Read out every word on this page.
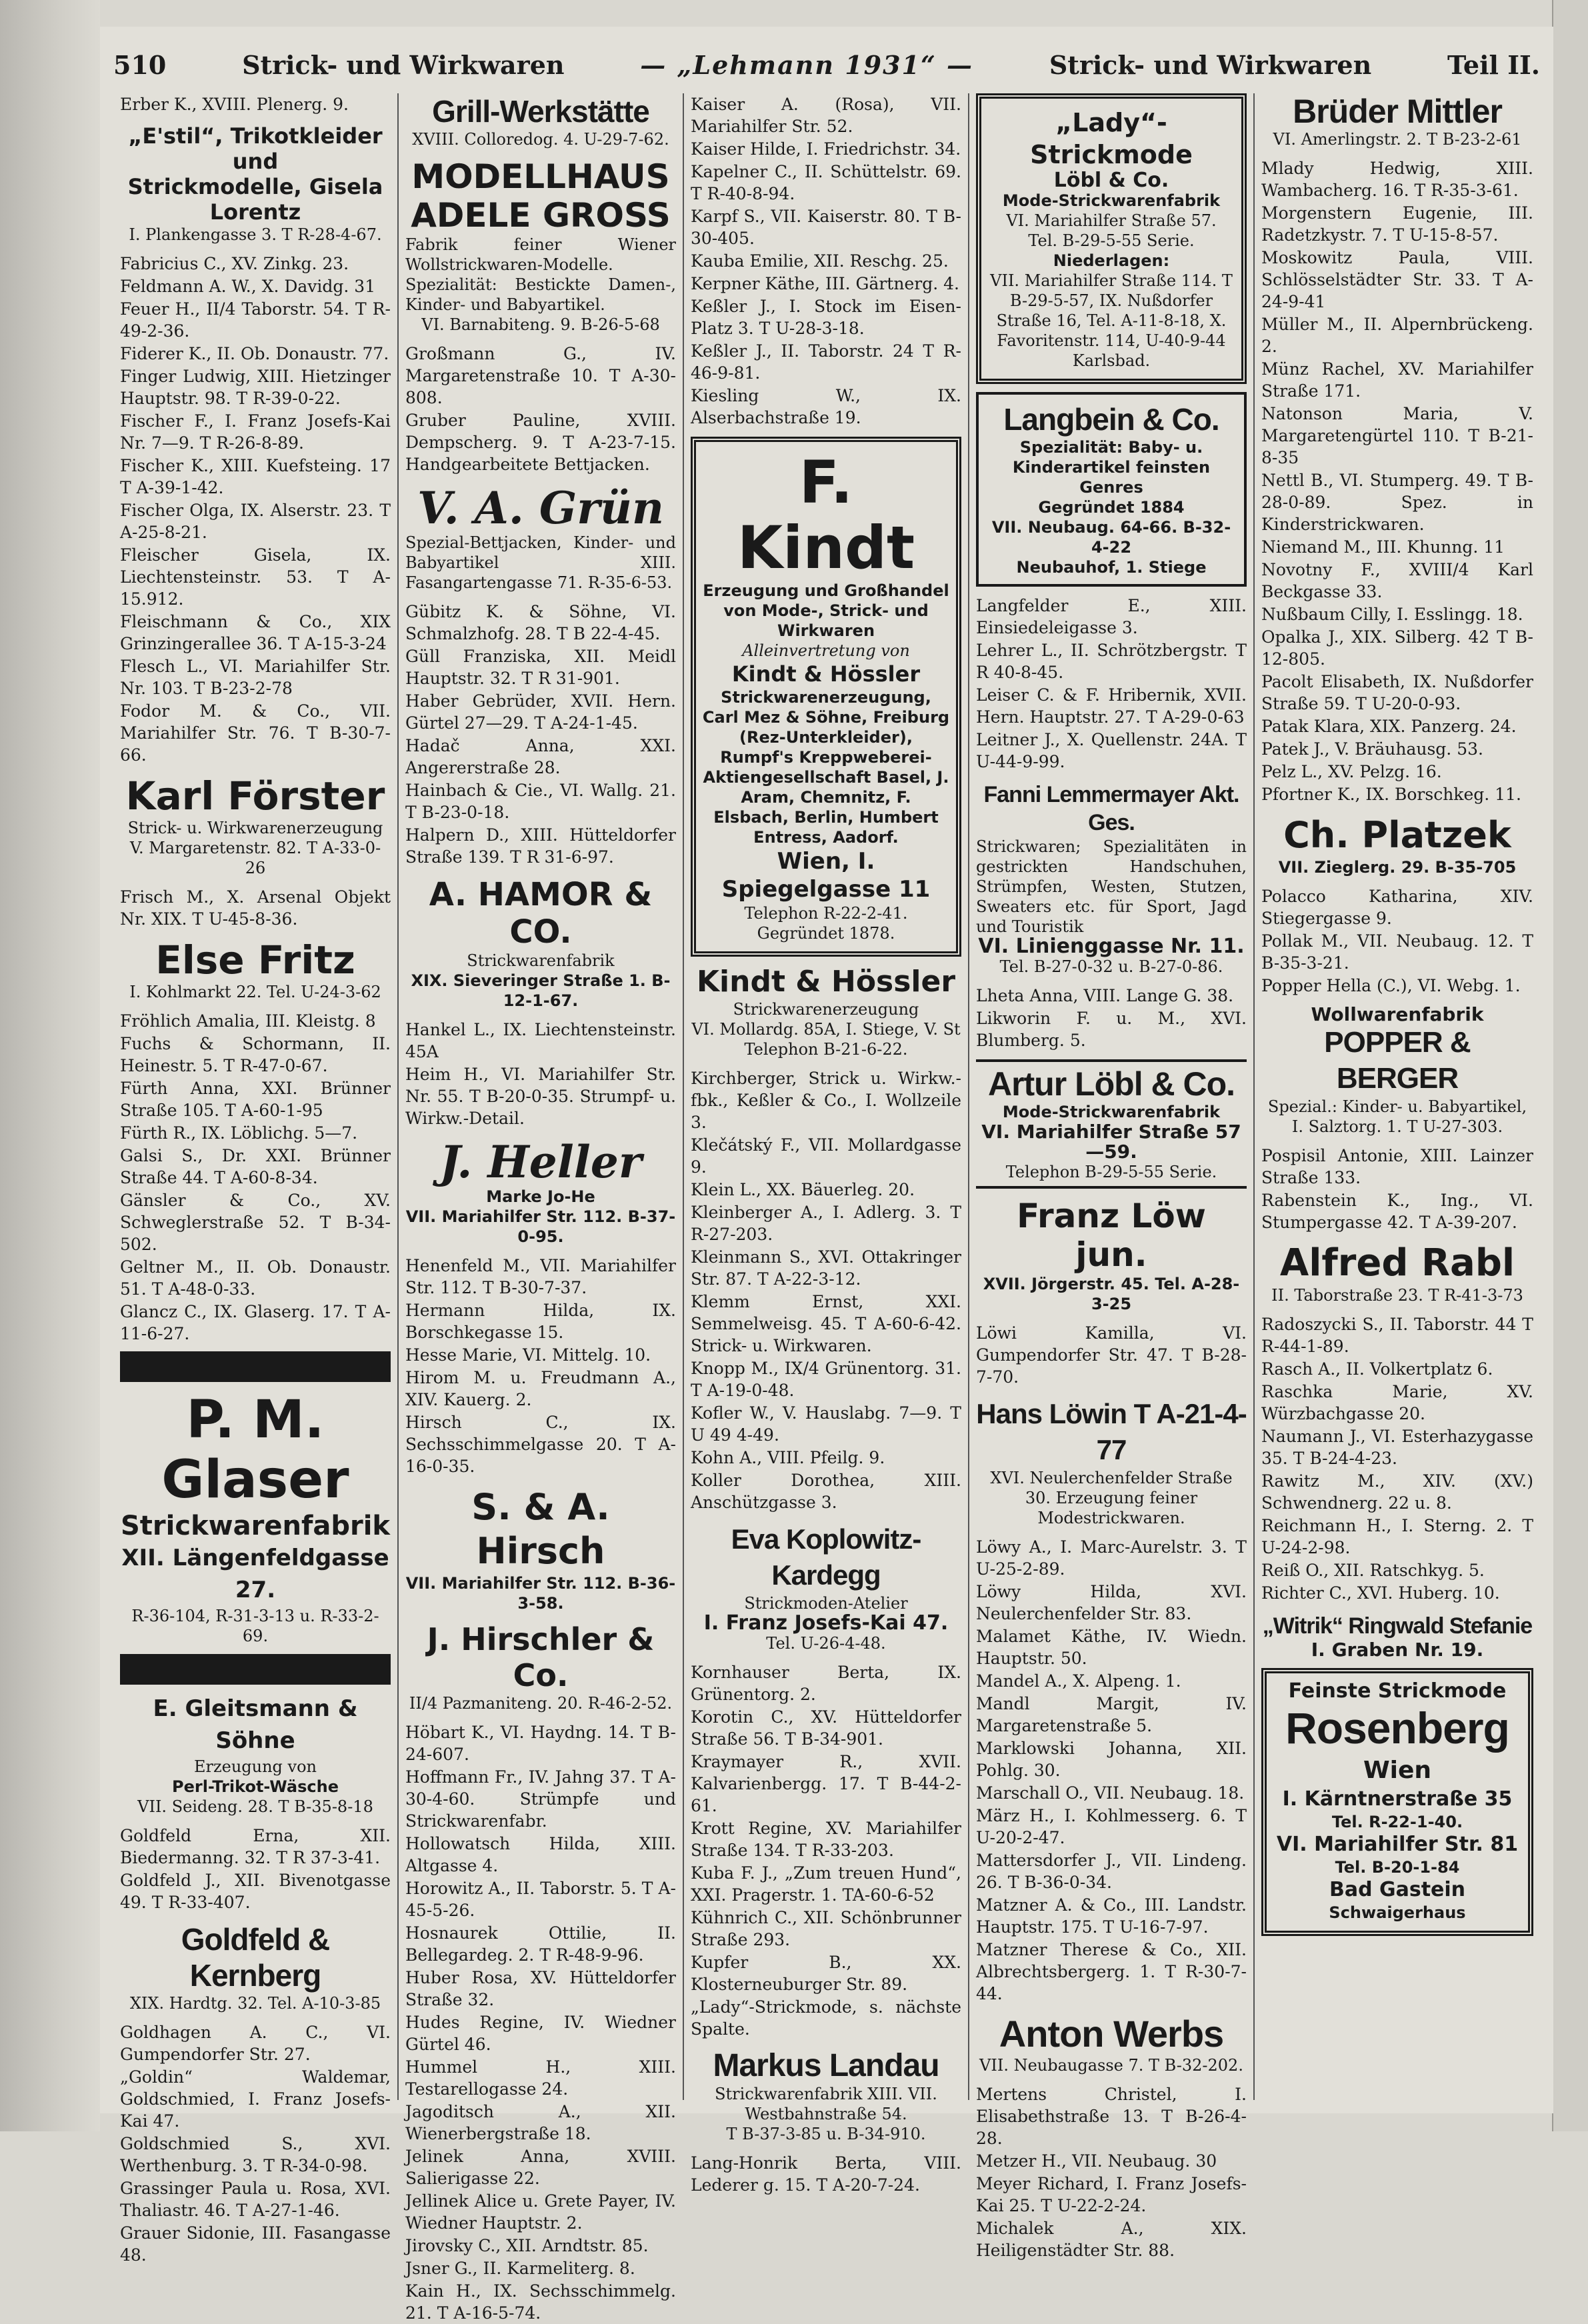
510	Strick- und Wirkwaren	— „Lehmann 1931“ —	Strick- und Wirkwaren	Teil II.
Erber K., XVIII. Plenerg. 9.
„E'stil“, Trikotkleider und
Strickmodelle, Gisela Lorentz
I. Plankengasse 3. T R-28-4-67.
Fabricius C., XV. Zinkg. 23.
Feldmann A. W., X. Davidg. 31
Feuer H., II/4 Taborstr. 54. T R-49-2-36.
Fiderer K., II. Ob. Donaustr. 77.
Finger Ludwig, XIII. Hietzinger Hauptstr. 98. T R-39-0-22.
Fischer F., I. Franz Josefs-Kai Nr. 7—9. T R-26-8-89.
Fischer K., XIII. Kuefsteing. 17 T A-39-1-42.
Fischer Olga, IX. Alserstr. 23. T A-25-8-21.
Fleischer Gisela, IX. Liechtensteinstr. 53. T A-15.912.
Fleischmann & Co., XIX Grinzingerallee 36. T A-15-3-24
Flesch L., VI. Mariahilfer Str. Nr. 103. T B-23-2-78
Fodor M. & Co., VII. Mariahilfer Str. 76. T B-30-7-66.
Karl Förster
Strick- u. Wirkwarenerzeugung
V. Margaretenstr. 82. T A-33-0-26
Frisch M., X. Arsenal Objekt Nr. XIX. T U-45-8-36.
Else Fritz
I. Kohlmarkt 22. Tel. U-24-3-62
Fröhlich Amalia, III. Kleistg. 8
Fuchs & Schormann, II. Heinestr. 5. T R-47-0-67.
Fürth Anna, XXI. Brünner Straße 105. T A-60-1-95
Fürth R., IX. Löblichg. 5—7.
Galsi S., Dr. XXI. Brünner Straße 44. T A-60-8-34.
Gänsler & Co., XV. Schweglerstraße 52. T B-34-502.
Geltner M., II. Ob. Donaustr. 51. T A-48-0-33.
Glancz C., IX. Glaserg. 17. T A-11-6-27.
P. M. Glaser
Strickwarenfabrik
XII. Längenfeldgasse 27.
R-36-104, R-31-3-13 u. R-33-2-69.
E. Gleitsmann & Söhne
Erzeugung von
Perl-Trikot-Wäsche
VII. Seideng. 28. T B-35-8-18
Goldfeld Erna, XII. Biedermanng. 32. T R 37-3-41.
Goldfeld J., XII. Bivenotgasse 49. T R-33-407.
Goldfeld & Kernberg
XIX. Hardtg. 32. Tel. A-10-3-85
Goldhagen A. C., VI. Gumpendorfer Str. 27.
„Goldin“ Waldemar, Goldschmied, I. Franz Josefs-Kai 47.
Goldschmied S., XVI. Werthenburg. 3. T R-34-0-98.
Grassinger Paula u. Rosa, XVI. Thaliastr. 46. T A-27-1-46.
Grauer Sidonie, III. Fasangasse 48.
Grill-Werkstätte
XVIII. Colloredog. 4. U-29-7-62.
MODELLHAUS
ADELE GROSS
Fabrik feiner Wiener Wollstrickwaren-Modelle. Spezialität: Bestickte Damen-, Kinder- und Babyartikel.
VI. Barnabiteng. 9. B-26-5-68
Großmann G., IV. Margaretenstraße 10. T A-30-808.
Gruber Pauline, XVIII. Dempscherg. 9. T A-23-7-15. Handgearbeitete Bettjacken.
V. A. Grün
Spezial-Bettjacken, Kinder- und Babyartikel XIII. Fasangartengasse 71. R-35-6-53.
Gübitz K. & Söhne, VI. Schmalzhofg. 28. T B 22-4-45.
Güll Franziska, XII. Meidl Hauptstr. 32. T R 31-901.
Haber Gebrüder, XVII. Hern. Gürtel 27—29. T A-24-1-45.
Hadač Anna, XXI. Angererstraße 28.
Hainbach & Cie., VI. Wallg. 21. T B-23-0-18.
Halpern D., XIII. Hütteldorfer Straße 139. T R 31-6-97.
A. HAMOR & CO.
Strickwarenfabrik
XIX. Sieveringer Straße 1. B-12-1-67.
Hankel L., IX. Liechtensteinstr. 45A
Heim H., VI. Mariahilfer Str. Nr. 55. T B-20-0-35. Strumpf- u. Wirkw.-Detail.
J. Heller
Marke Jo-He
VII. Mariahilfer Str. 112. B-37-0-95.
Henenfeld M., VII. Mariahilfer Str. 112. T B-30-7-37.
Hermann Hilda, IX. Borschkegasse 15.
Hesse Marie, VI. Mittelg. 10.
Hirom M. u. Freudmann A., XIV. Kauerg. 2.
Hirsch C., IX. Sechsschimmelgasse 20. T A-16-0-35.
S. & A. Hirsch
VII. Mariahilfer Str. 112. B-36-3-58.
J. Hirschler & Co.
II/4 Pazmaniteng. 20. R-46-2-52.
Höbart K., VI. Haydng. 14. T B-24-607.
Hoffmann Fr., IV. Jahng 37. T A-30-4-60. Strümpfe und Strickwarenfabr.
Hollowatsch Hilda, XIII. Altgasse 4.
Horowitz A., II. Taborstr. 5. T A-45-5-26.
Hosnaurek Ottilie, II. Bellegardeg. 2. T R-48-9-96.
Huber Rosa, XV. Hütteldorfer Straße 32.
Hudes Regine, IV. Wiedner Gürtel 46.
Hummel H., XIII. Testarellogasse 24.
Jagoditsch A., XII. Wienerbergstraße 18.
Jelinek Anna, XVIII. Salierigasse 22.
Jellinek Alice u. Grete Payer, IV. Wiedner Hauptstr. 2.
Jirovsky C., XII. Arndtstr. 85.
Jsner G., II. Karmeliterg. 8.
Kain H., IX. Sechsschimmelg. 21. T A-16-5-74.
Kaiser A. (Rosa), VII. Mariahilfer Str. 52.
Kaiser Hilde, I. Friedrichstr. 34.
Kapelner C., II. Schüttelstr. 69. T R-40-8-94.
Karpf S., VII. Kaiserstr. 80. T B-30-405.
Kauba Emilie, XII. Reschg. 25.
Kerpner Käthe, III. Gärtnerg. 4.
Keßler J., I. Stock im Eisen-Platz 3. T U-28-3-18.
Keßler J., II. Taborstr. 24 T R-46-9-81.
Kiesling W., IX. Alserbachstraße 19.
F. Kindt
Erzeugung und Großhandel von Mode-, Strick- und Wirkwaren
Alleinvertretung von
Kindt & Hössler
Strickwarenerzeugung, Carl Mez & Söhne, Freiburg (Rez-Unterkleider), Rumpf's Kreppweberei-Aktiengesellschaft Basel, J. Aram, Chemnitz, F. Elsbach, Berlin, Humbert Entress, Aadorf.
Wien, I. Spiegelgasse 11
Telephon R-22-2-41.
Gegründet 1878.
Kindt & Hössler
Strickwarenerzeugung
VI. Mollardg. 85A, I. Stiege, V. St
Telephon B-21-6-22.
Kirchberger, Strick u. Wirkw.-fbk., Keßler & Co., I. Wollzeile 3.
Klečátský F., VII. Mollardgasse 9.
Klein L., XX. Bäuerleg. 20.
Kleinberger A., I. Adlerg. 3. T R-27-203.
Kleinmann S., XVI. Ottakringer Str. 87. T A-22-3-12.
Klemm Ernst, XXI. Semmelweisg. 45. T A-60-6-42. Strick- u. Wirkwaren.
Knopp M., IX/4 Grünentorg. 31. T A-19-0-48.
Kofler W., V. Hauslabg. 7—9. T U 49 4-49.
Kohn A., VIII. Pfeilg. 9.
Koller Dorothea, XIII. Anschützgasse 3.
Eva Koplowitz-Kardegg
Strickmoden-Atelier
I. Franz Josefs-Kai 47.
Tel. U-26-4-48.
Kornhauser Berta, IX. Grünentorg. 2.
Korotin C., XV. Hütteldorfer Straße 56. T B-34-901.
Kraymayer R., XVII. Kalvarienbergg. 17. T B-44-2-61.
Krott Regine, XV. Mariahilfer Straße 134. T R-33-203.
Kuba F. J., „Zum treuen Hund“, XXI. Pragerstr. 1. TA-60-6-52
Kühnrich C., XII. Schönbrunner Straße 293.
Kupfer B., XX. Klosterneuburger Str. 89.
„Lady“-Strickmode, s. nächste Spalte.
Markus Landau
Strickwarenfabrik XIII. VII. Westbahnstraße 54.
T B-37-3-85 u. B-34-910.
Lang-Honrik Berta, VIII. Lederer g. 15. T A-20-7-24.
„Lady“-Strickmode
Löbl & Co.
Mode-Strickwarenfabrik
VI. Mariahilfer Straße 57.
Tel. B-29-5-55 Serie.
Niederlagen:
VII. Mariahilfer Straße 114. T B-29-5-57, IX. Nußdorfer Straße 16, Tel. A-11-8-18, X. Favoritenstr. 114, U-40-9-44 Karlsbad.
Langbein & Co.
Spezialität: Baby- u. Kinderartikel feinsten Genres
Gegründet 1884
VII. Neubaug. 64-66. B-32-4-22
Neubauhof, 1. Stiege
Langfelder E., XIII. Einsiedeleigasse 3.
Lehrer L., II. Schrötzbergstr. T R 40-8-45.
Leiser C. & F. Hribernik, XVII. Hern. Hauptstr. 27. T A-29-0-63
Leitner J., X. Quellenstr. 24A. T U-44-9-99.
Fanni Lemmermayer Akt. Ges.
Strickwaren; Spezialitäten in gestrickten Handschuhen, Strümpfen, Westen, Stutzen, Sweaters etc. für Sport, Jagd und Touristik
VI. Linienggasse Nr. 11.
Tel. B-27-0-32 u. B-27-0-86.
Lheta Anna, VIII. Lange G. 38.
Likworin F. u. M., XVI. Blumberg. 5.
Artur Löbl & Co.
Mode-Strickwarenfabrik
VI. Mariahilfer Straße 57—59.
Telephon B-29-5-55 Serie.
Franz Löw jun.
XVII. Jörgerstr. 45. Tel. A-28-3-25
Löwi Kamilla, VI. Gumpendorfer Str. 47. T B-28-7-70.
Hans Löwin T A-21-4-77
XVI. Neulerchenfelder Straße 30. Erzeugung feiner Modestrickwaren.
Löwy A., I. Marc-Aurelstr. 3. T U-25-2-89.
Löwy Hilda, XVI. Neulerchenfelder Str. 83.
Malamet Käthe, IV. Wiedn. Hauptstr. 50.
Mandel A., X. Alpeng. 1.
Mandl Margit, IV. Margaretenstraße 5.
Marklowski Johanna, XII. Pohlg. 30.
Marschall O., VII. Neubaug. 18.
März H., I. Kohlmesserg. 6. T U-20-2-47.
Mattersdorfer J., VII. Lindeng. 26. T B-36-0-34.
Matzner A. & Co., III. Landstr. Hauptstr. 175. T U-16-7-97.
Matzner Therese & Co., XII. Albrechtsbergerg. 1. T R-30-7-44.
Anton Werbs
VII. Neubaugasse 7. T B-32-202.
Mertens Christel, I. Elisabethstraße 13. T B-26-4-28.
Metzer H., VII. Neubaug. 30
Meyer Richard, I. Franz Josefs-Kai 25. T U-22-2-24.
Michalek A., XIX. Heiligenstädter Str. 88.
Brüder Mittler
VI. Amerlingstr. 2. T B-23-2-61
Mlady Hedwig, XIII. Wambacherg. 16. T R-35-3-61.
Morgenstern Eugenie, III. Radetzkystr. 7. T U-15-8-57.
Moskowitz Paula, VIII. Schlösselstädter Str. 33. T A-24-9-41
Müller M., II. Alpernbrückeng. 2.
Münz Rachel, XV. Mariahilfer Straße 171.
Natonson Maria, V. Margaretengürtel 110. T B-21-8-35
Nettl B., VI. Stumperg. 49. T B-28-0-89. Spez. in Kinderstrickwaren.
Niemand M., III. Khunng. 11
Novotny F., XVIII/4 Karl Beckgasse 33.
Nußbaum Cilly, I. Esslingg. 18.
Opalka J., XIX. Silberg. 42 T B-12-805.
Pacolt Elisabeth, IX. Nußdorfer Straße 59. T U-20-0-93.
Patak Klara, XIX. Panzerg. 24.
Patek J., V. Bräuhausg. 53.
Pelz L., XV. Pelzg. 16.
Pfortner K., IX. Borschkeg. 11.
Ch. Platzek
VII. Zieglerg. 29. B-35-705
Polacco Katharina, XIV. Stiegergasse 9.
Pollak M., VII. Neubaug. 12. T B-35-3-21.
Popper Hella (C.), VI. Webg. 1.
Wollwarenfabrik
POPPER & BERGER
Spezial.: Kinder- u. Babyartikel, I. Salztorg. 1. T U-27-303.
Pospisil Antonie, XIII. Lainzer Straße 133.
Rabenstein K., Ing., VI. Stumpergasse 42. T A-39-207.
Alfred Rabl
II. Taborstraße 23. T R-41-3-73
Radoszycki S., II. Taborstr. 44 T R-44-1-89.
Rasch A., II. Volkertplatz 6.
Raschka Marie, XV. Würzbachgasse 20.
Naumann J., VI. Esterhazygasse 35. T B-24-4-23.
Rawitz M., XIV. (XV.) Schwendnerg. 22 u. 8.
Reichmann H., I. Sterng. 2. T U-24-2-98.
Reiß O., XII. Ratschkyg. 5.
Richter C., XVI. Huberg. 10.
„Witrik“ Ringwald Stefanie
I. Graben Nr. 19.
Feinste Strickmode
Rosenberg
Wien
I. Kärntnerstraße 35
Tel. R-22-1-40.
VI. Mariahilfer Str. 81
Tel. B-20-1-84
Bad Gastein
Schwaigerhaus
